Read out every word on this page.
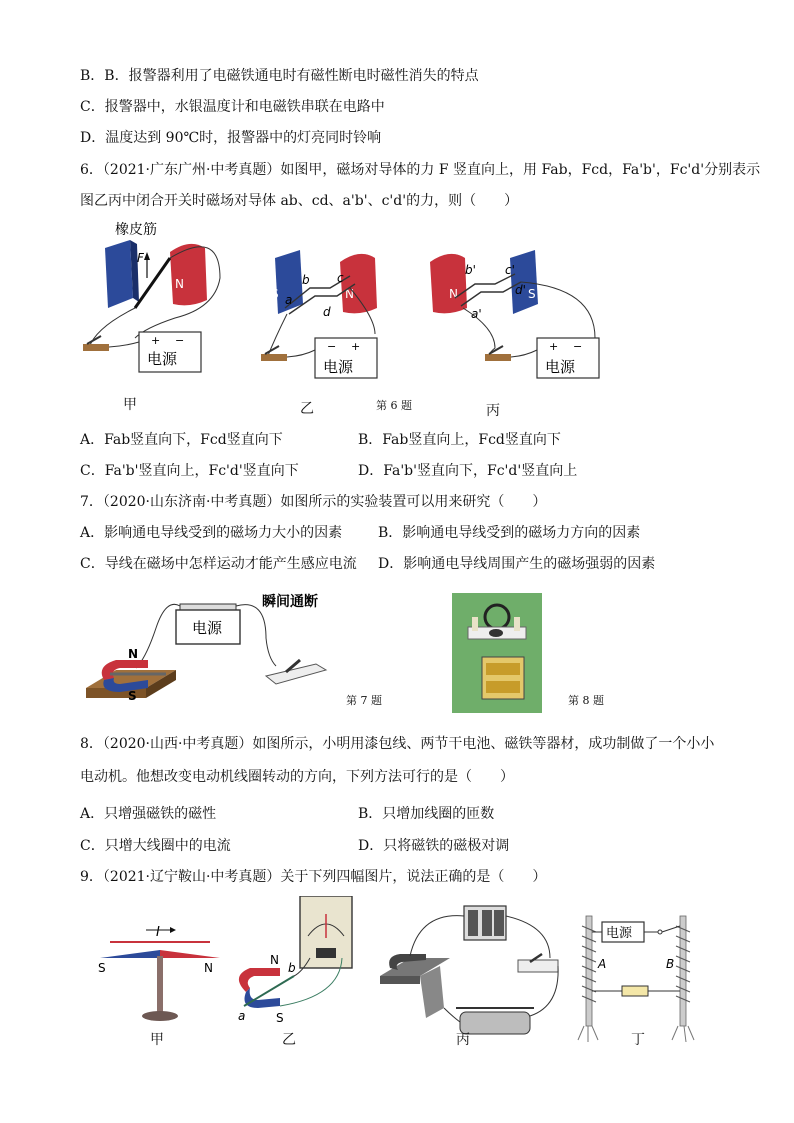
B．B．报警器利用了电磁铁通电时有磁性断电时磁性消失的特点
C．报警器中，水银温度计和电磁铁串联在电路中
D．温度达到 90℃时，报警器中的灯亮同时铃响
6．（2021·广东广州·中考真题）如图甲，磁场对导体的力 F 竖直向上，用 Fab，Fcd，Fa'b'，Fc'd'分别表示
图乙丙中闭合开关时磁场对导体 ab、cd、a'b'、c'd'的力，则（　　）
橡皮筋
S	N
F
+ −
电源
S	N
b
a
c
d
− +
电源
N	S
b' c'
d'
a'
+ −
电源
甲	乙	第 6 题	丙
A．Fab竖直向下，Fcd竖直向下	B．Fab竖直向上，Fcd竖直向下
C．Fa'b'竖直向上，Fc'd'竖直向下	D．Fa'b'竖直向下，Fc'd'竖直向上
7．（2020·山东济南·中考真题）如图所示的实验装置可以用来研究（　　）
A．影响通电导线受到的磁场力大小的因素	B．影响通电导线受到的磁场力方向的因素
C．导线在磁场中怎样运动才能产生感应电流 D．影响通电导线周围产生的磁场强弱的因素
瞬间通断
电源
N
S	第 7 题	第 8 题
8．（2020·山西·中考真题）如图所示，小明用漆包线、两节干电池、磁铁等器材，成功制做了一个小小
电动机。他想改变电动机线圈转动的方向，下列方法可行的是（　　）
A．只增强磁铁的磁性	B．只增加线圈的匝数
C．只增大线圈中的电流	D．只将磁铁的磁极对调
9．（2021·辽宁鞍山·中考真题）关于下列四幅图片，说法正确的是（　　）
I
S	N
N
S
a
b
电源
A	B
甲	乙	丙	丁
